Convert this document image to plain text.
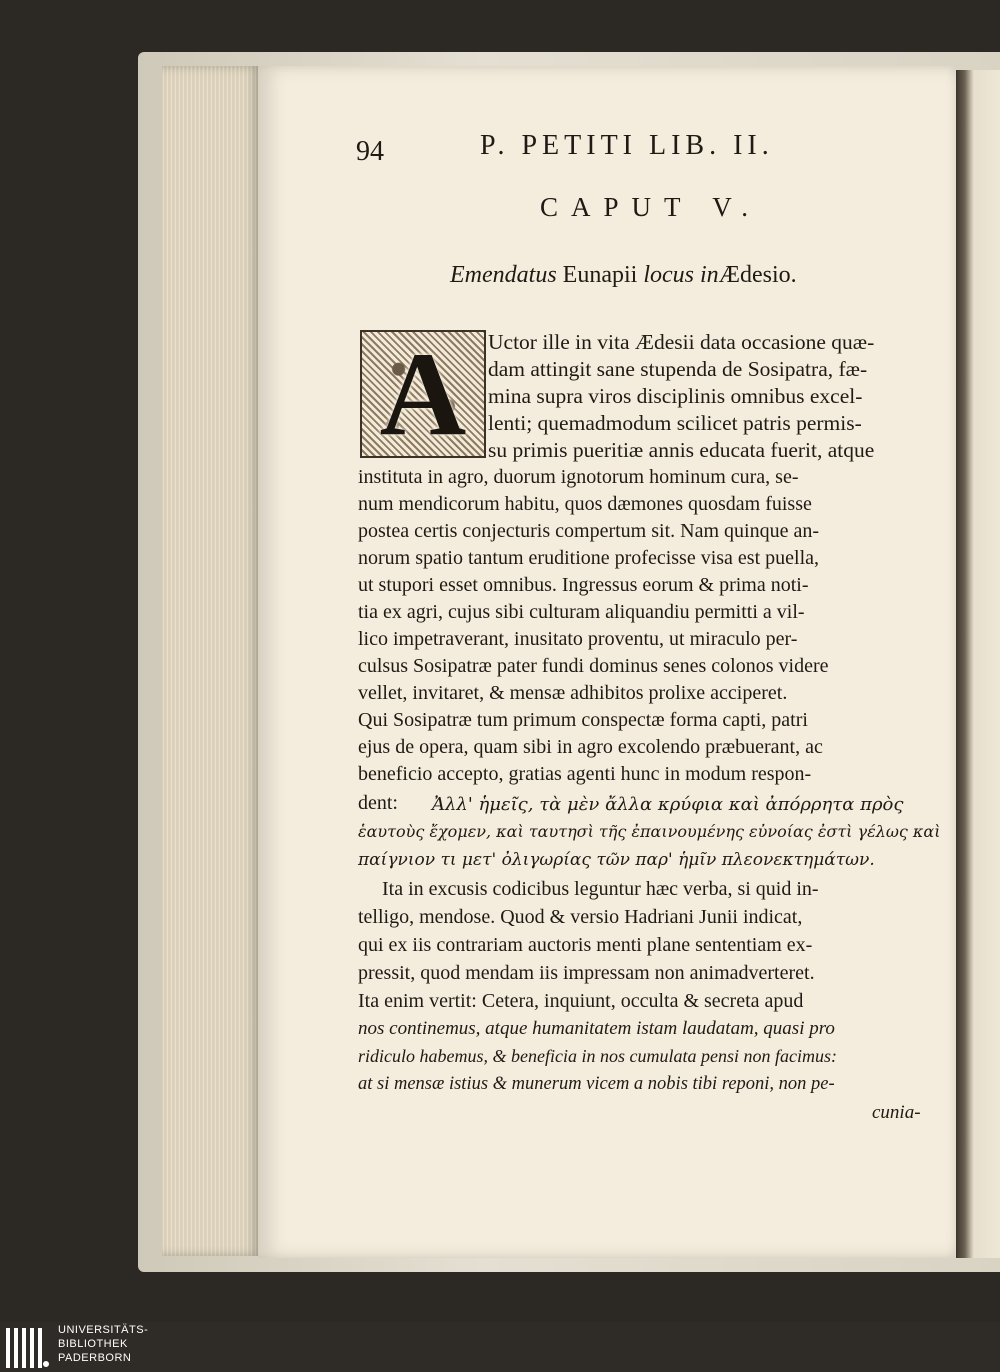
94	P. PETITI LIB. II.
CAPUT V.
Emendatus Eunapii locus inÆdesio.
A Uctor ille in vita Ædesii data occasione quæ-
dam attingit sane stupenda de Sosipatra, fæ-
mina supra viros disciplinis omnibus excel-
lenti; quemadmodum scilicet patris permis-
su primis pueritiæ annis educata fuerit, atque
instituta in agro, duorum ignotorum hominum cura, se-
num mendicorum habitu, quos dæmones quosdam fuisse
postea certis conjecturis compertum sit. Nam quinque an-
norum spatio tantum eruditione profecisse visa est puella,
ut stupori esset omnibus. Ingressus eorum & prima noti-
tia ex agri, cujus sibi culturam aliquandiu permitti a vil-
lico impetraverant, inusitato proventu, ut miraculo per-
culsus Sosipatræ pater fundi dominus senes colonos videre
vellet, invitaret, & mensæ adhibitos prolixe acciperet.
Qui Sosipatræ tum primum conspectæ forma capti, patri
ejus de opera, quam sibi in agro excolendo præbuerant, ac
beneficio accepto, gratias agenti hunc in modum respon-
dent: Ἀλλ' ἡμεῖς, τὰ μὲν ἄλλα κρύφια καὶ ἀπόρρητα πρὸς
ἑαυτοὺς ἔχομεν, καὶ ταυτησὶ τῆς ἐπαινουμένης εὐνοίας ἐστὶ γέλως καὶ
παίγνιον τι μετ' ὀλιγωρίας τῶν παρ' ἡμῖν πλεονεκτημάτων.
Ita in excusis codicibus leguntur hæc verba, si quid in-
telligo, mendose. Quod & versio Hadriani Junii indicat,
qui ex iis contrariam auctoris menti plane sententiam ex-
pressit, quod mendam iis impressam non animadverteret.
Ita enim vertit: Cetera, inquiunt, occulta & secreta apud
nos continemus, atque humanitatem istam laudatam, quasi pro
ridiculo habemus, & beneficia in nos cumulata pensi non facimus:
at si mensæ istius & munerum vicem a nobis tibi reponi, non pe-
cunia-
UNIVERSITÄTS-
BIBLIOTHEK
PADERBORN
